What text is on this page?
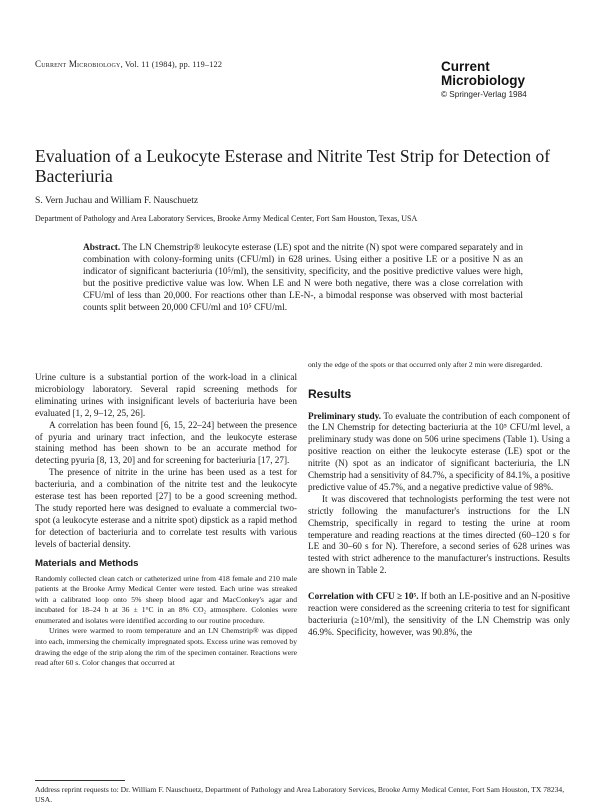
Current Microbiology, Vol. 11 (1984), pp. 119–122	Current
Microbiology
© Springer-Verlag 1984
Evaluation of a Leukocyte Esterase and Nitrite Test Strip for Detection of Bacteriuria
S. Vern Juchau and William F. Nauschuetz
Department of Pathology and Area Laboratory Services, Brooke Army Medical Center, Fort Sam Houston, Texas, USA
Abstract. The LN Chemstrip® leukocyte esterase (LE) spot and the nitrite (N) spot were compared separately and in combination with colony-forming units (CFU/ml) in 628 urines. Using either a positive LE or a positive N as an indicator of significant bacteriuria (10⁵/ml), the sensitivity, specificity, and the positive predictive values were high, but the positive predictive value was low. When LE and N were both negative, there was a close correlation with CFU/ml of less than 20,000. For reactions other than LE-N-, a bimodal response was observed with most bacterial counts split between 20,000 CFU/ml and 10⁵ CFU/ml.

Urine culture is a substantial portion of the work-load in a clinical microbiology laboratory. Several rapid screening methods for eliminating urines with insignificant levels of bacteriuria have been evaluated [1, 2, 9–12, 25, 26].

A correlation has been found [6, 15, 22–24] between the presence of pyuria and urinary tract infection, and the leukocyte esterase staining method has been shown to be an accurate method for detecting pyuria [8, 13, 20] and for screening for bacteriuria [17, 27].

The presence of nitrite in the urine has been used as a test for bacteriuria, and a combination of the nitrite test and the leukocyte esterase test has been reported [27] to be a good screening method. The study reported here was designed to evaluate a commercial two-spot (a leukocyte esterase and a nitrite spot) dipstick as a rapid method for detection of bacteriuria and to correlate test results with various levels of bacterial density.

Materials and Methods

Randomly collected clean catch or catheterized urine from 418 female and 210 male patients at the Brooke Army Medical Center were tested. Each urine was streaked with a calibrated loop onto 5% sheep blood agar and MacConkey's agar and incubated for 18–24 h at 36 ± 1°C in an 8% CO₂ atmosphere. Colonies were enumerated and isolates were identified according to our routine procedure.

Urines were warmed to room temperature and an LN Chemstrip® was dipped into each, immersing the chemically impregnated spots. Excess urine was removed by drawing the edge of the strip along the rim of the specimen container. Reactions were read after 60 s. Color changes that occurred at

only the edge of the spots or that occurred only after 2 min were disregarded.

Results

Preliminary study. To evaluate the contribution of each component of the LN Chemstrip for detecting bacteriuria at the 10⁵ CFU/ml level, a preliminary study was done on 506 urine specimens (Table 1). Using a positive reaction on either the leukocyte esterase (LE) spot or the nitrite (N) spot as an indicator of significant bacteriuria, the LN Chemstrip had a sensitivity of 84.7%, a specificity of 84.1%, a positive predictive value of 45.7%, and a negative predictive value of 98%.

It was discovered that technologists performing the test were not strictly following the manufacturer's instructions for the LN Chemstrip, specifically in regard to testing the urine at room temperature and reading reactions at the times directed (60–120 s for LE and 30–60 s for N). Therefore, a second series of 628 urines was tested with strict adherence to the manufacturer's instructions. Results are shown in Table 2.

Correlation with CFU ≥ 10⁵. If both an LE-positive and an N-positive reaction were considered as the screening criteria to test for significant bacteriuria (≥10⁵/ml), the sensitivity of the LN Chemstrip was only 46.9%. Specificity, however, was 90.8%, the

Address reprint requests to: Dr. William F. Nauschuetz, Department of Pathology and Area Laboratory Services, Brooke Army Medical Center, Fort Sam Houston, TX 78234, USA.
